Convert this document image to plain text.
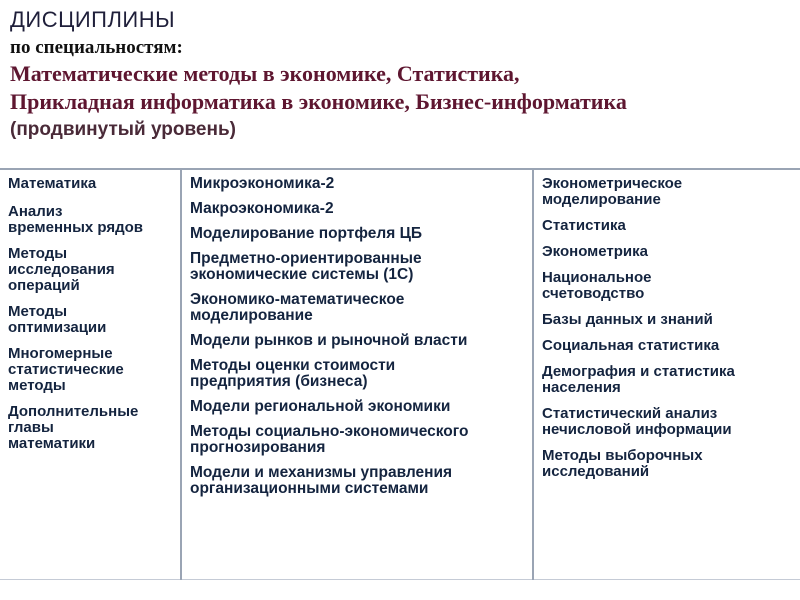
ДИСЦИПЛИНЫ
по специальностям:
Математические методы в экономике, Статистика,
Прикладная информатика в экономике, Бизнес-информатика
(продвинутый уровень)
Математика
Анализ
временных рядов
Методы
исследования
операций
Методы
оптимизации
Многомерные
статистические
методы
Дополнительные
главы
математики
Микроэкономика-2
Макроэкономика-2
Моделирование портфеля ЦБ
Предметно-ориентированные
экономические системы (1С)
Экономико-математическое
моделирование
Модели рынков и рыночной власти
Методы оценки стоимости
предприятия (бизнеса)
Модели региональной экономики
Методы социально-экономического
прогнозирования
Модели и механизмы управления
организационными системами
Эконометрическое
моделирование
Статистика
Эконометрика
Национальное
счетоводство
Базы данных и знаний
Социальная статистика
Демография и статистика
населения
Статистический анализ
нечисловой информации
Методы выборочных
исследований
